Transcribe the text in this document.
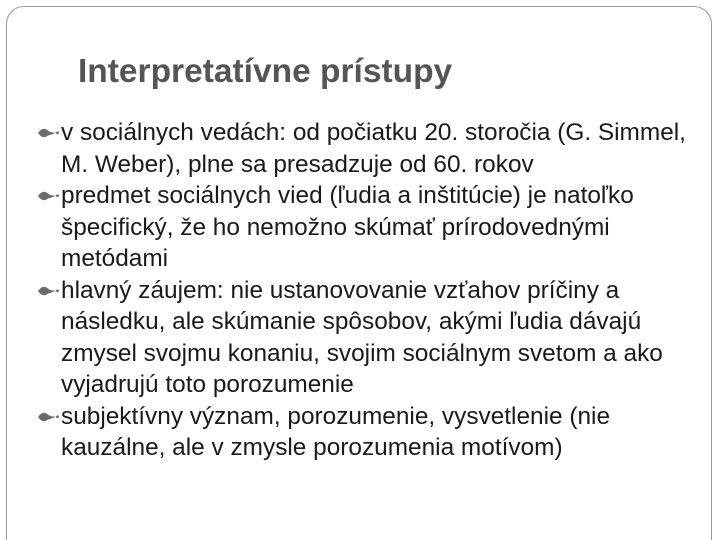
Interpretatívne prístupy
v sociálnych vedách: od počiatku 20. storočia (G. Simmel, M. Weber), plne sa presadzuje od 60. rokov
predmet sociálnych vied (ľudia a inštitúcie) je natoľko špecifický, že ho nemožno skúmať prírodovednými metódami
hlavný záujem: nie ustanovovanie vzťahov príčiny a následku, ale skúmanie spôsobov, akými ľudia dávajú zmysel svojmu konaniu, svojim sociálnym svetom a ako vyjadrujú toto porozumenie
subjektívny význam, porozumenie, vysvetlenie (nie kauzálne, ale v zmysle porozumenia motívom)
